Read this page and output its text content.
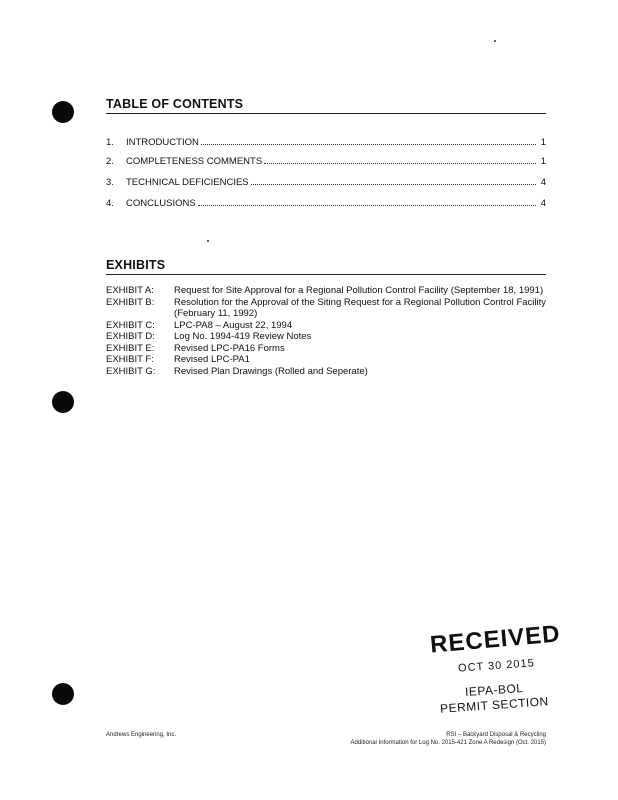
TABLE OF CONTENTS
1.	INTRODUCTION	1
2.	COMPLETENESS COMMENTS	1
3.	TECHNICAL DEFICIENCIES	4
4.	CONCLUSIONS	4
EXHIBITS
EXHIBIT A:	Request for Site Approval for a Regional Pollution Control Facility (September 18, 1991)
EXHIBIT B:	Resolution for the Approval of the Siting Request for a Regional Pollution Control Facility (February 11, 1992)
EXHIBIT C:	LPC-PA8 – August 22, 1994
EXHIBIT D:	Log No. 1994-419 Review Notes
EXHIBIT E:	Revised LPC-PA16 Forms
EXHIBIT F:	Revised LPC-PA1
EXHIBIT G:	Revised Plan Drawings (Rolled and Seperate)
RECEIVED
OCT 30 2015
IEPA-BOL
PERMIT SECTION
Andrews Engineering, Inc.	RSI – Backyard Disposal & Recycling
Additional Information for Log No. 2015-421 Zone A Redesign (Oct. 2015)
